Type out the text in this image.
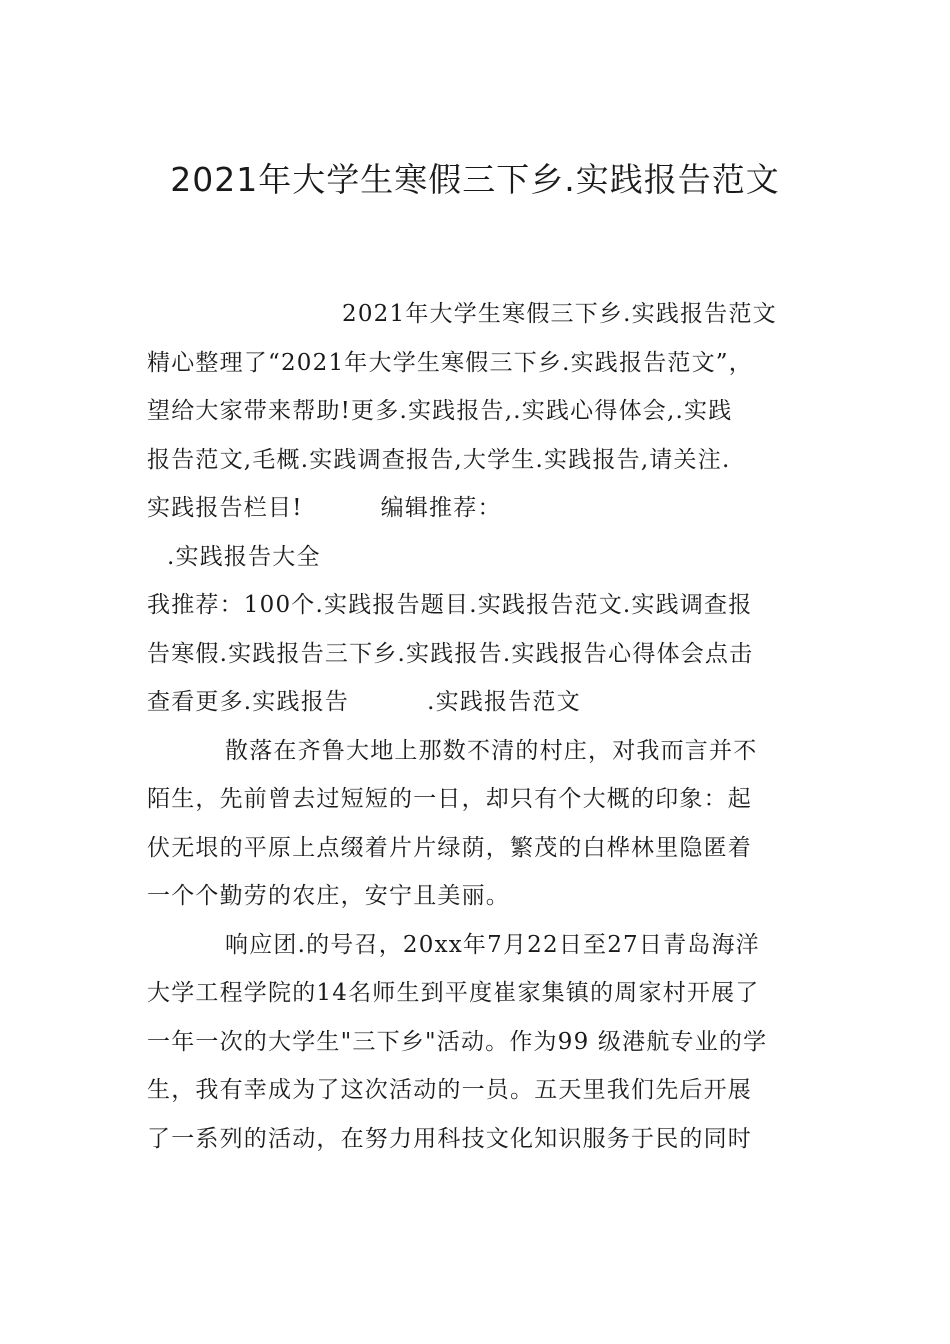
2021年大学生寒假三下乡.实践报告范文
2021年大学生寒假三下乡.实践报告范文
精心整理了“2021年大学生寒假三下乡.实践报告范文”，
望给大家带来帮助!更多.实践报告,.实践心得体会,.实践
报告范文,毛概.实践调查报告,大学生.实践报告,请关注.
实践报告栏目!	编辑推荐：
.实践报告大全
我推荐：100个.实践报告题目.实践报告范文.实践调查报
告寒假.实践报告三下乡.实践报告.实践报告心得体会点击
查看更多.实践报告	.实践报告范文
散落在齐鲁大地上那数不清的村庄，对我而言并不
陌生，先前曾去过短短的一日，却只有个大概的印象：起
伏无垠的平原上点缀着片片绿荫，繁茂的白桦林里隐匿着
一个个勤劳的农庄，安宁且美丽。
响应团.的号召，20xx年7月22日至27日青岛海洋
大学工程学院的14名师生到平度崔家集镇的周家村开展了
一年一次的大学生"三下乡"活动。作为99 级港航专业的学
生，我有幸成为了这次活动的一员。五天里我们先后开展
了一系列的活动，在努力用科技文化知识服务于民的同时
